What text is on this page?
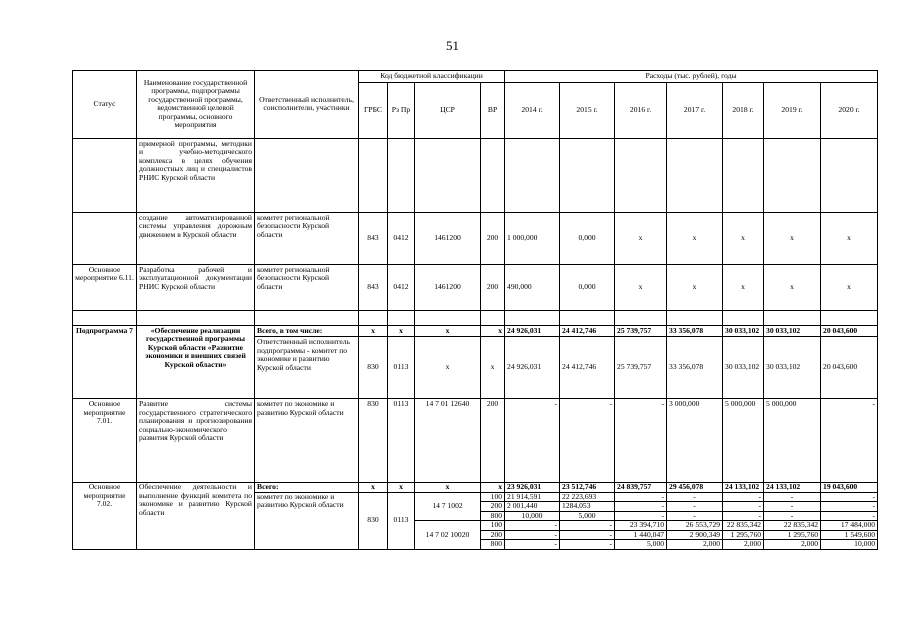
51
Статус	Наименование государственной программы, подпрограммы государственной программы, ведомственной целевой программы, основного мероприятия	Ответственный исполнитель, соисполнители, участники	Код бюджетной классификации				Расходы (тыс. рублей), годы						
			ГРБС	Рз Пр	ЦСР	ВР	2014 г.	2015 г.	2016 г.	2017 г.	2018 г.	2019 г.	2020 г.
	примерной программы, методики и учебно-методического комплекса в целях обучения должностных лиц и специалистов РНИС Курской области												
	создание автоматизированной системы управления дорожным движением в Курской области	комитет региональной безопасности Курской области	843	0412	1461200	200	1 000,000	0,000	x	x	x	x	x
Основное мероприятие 6.11.	Разработка рабочей и эксплуатационной документации РНИС Курской области	комитет региональной безопасности Курской области	843	0412	1461200	200	490,000	0,000	x	x	x	x	x

Подпрограмма 7	«Обеспечение реализации государственной программы Курской области «Развитие экономики и внешних связей Курской области»	Всего, в том числе:	x	x	x	x	24 926,031	24 412,746	25 739,757	33 356,078	30 033,102	30 033,102	20 043,600
		Ответственный исполнитель подпрограммы - комитет по экономике и развитию Курской области	830	0113	x	x	24 926,031	24 412,746	25 739,757	33 356,078	30 033,102	30 033,102	20 043,600
Основное мероприятие 7.01.	Развитие системы государственного стратегического планирования и прогнозирования социально-экономического развития Курской области	комитет по экономике и развитию Курской области	830	0113	14 7 01 12640	200	-	-	-	3 000,000	5 000,000	5 000,000	-
Основное мероприятие 7.02.	Обеспечение деятельности и выполнение функций комитета по экономике и развитию Курской области	Всего:	x	x	x	x	23 926,031	23 512,746	24 839,757	29 456,078	24 133,102	24 133,102	19 043,600
		комитет по экономике и развитию Курской области	830	0113	14 7 1002	100	21 914,591	22 223,693	-	-	-	-	-
						200	2 001,440	1284,053	-	-	-	-	-
						800	10,000	5,000	-	-	-	-	-
					14 7 02 10020	100	-	-	23 394,710	26 553,729	22 835,342	22 835,342	17 484,000
						200	-	-	1 440,047	2 900,349	1 295,760	1 295,760	1 549,600
						800	-	-	5,000	2,000	2,000	2,000	10,000
